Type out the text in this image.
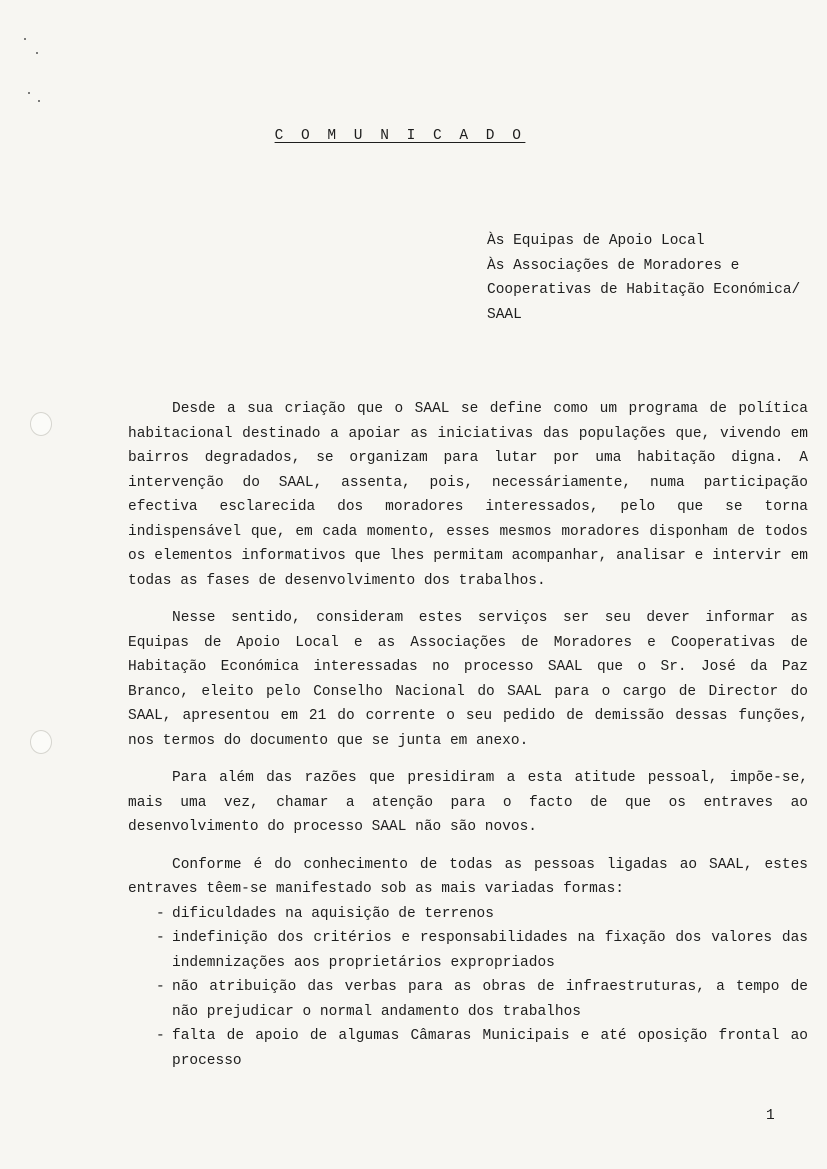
C O M U N I C A D O
Às Equipas de Apoio Local
Às Associações de Moradores e
Cooperativas de Habitação Económica/
SAAL

Desde a sua criação que o SAAL se define como um programa de política habitacional destinado a apoiar as iniciativas das populações que, vivendo em bairros degradados, se organizam para lutar por uma habitação digna. A intervenção do SAAL, assenta, pois, necessáriamente, numa participação efectiva esclarecida dos moradores interessados, pelo que se torna indispensável que, em cada momento, esses mesmos moradores disponham de todos os elementos informativos que lhes permitam acompanhar, analisar e intervir em todas as fases de desenvolvimento dos trabalhos.

Nesse sentido, consideram estes serviços ser seu dever informar as Equipas de Apoio Local e as Associações de Moradores e Cooperativas de Habitação Económica interessadas no processo SAAL que o Sr. José da Paz Branco, eleito pelo Conselho Nacional do SAAL para o cargo de Director do SAAL, apresentou em 21 do corrente o seu pedido de demissão dessas funções, nos termos do documento que se junta em anexo.

Para além das razões que presidiram a esta atitude pessoal, impõe-se, mais uma vez, chamar a atenção para o facto de que os entraves ao desenvolvimento do processo SAAL não são novos.

Conforme é do conhecimento de todas as pessoas ligadas ao SAAL, estes entraves têem-se manifestado sob as mais variadas formas:

- dificuldades na aquisição de terrenos
- indefinição dos critérios e responsabilidades na fixação dos valores das indemnizações aos proprietários expropriados
- não atribuição das verbas para as obras de infraestruturas, a tempo de não prejudicar o normal andamento dos trabalhos
- falta de apoio de algumas Câmaras Municipais e até oposição frontal ao processo
1
